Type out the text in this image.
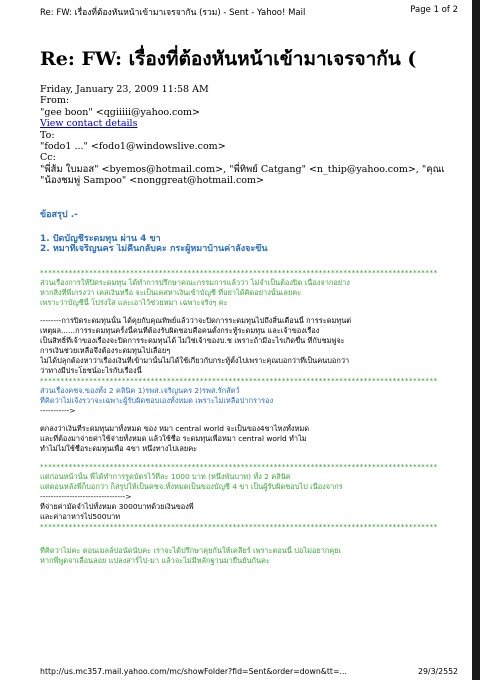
Re: FW: เรื่องที่ต้องหันหน้าเข้ามาเจรจากัน (รวม) - Sent - Yahoo! Mail	Page 1 of 2
Re: FW: เรื่องที่ต้องหันหน้าเข้ามาเจรจากัน (
Friday, January 23, 2009 11:58 AM
From:
"gee boon" <qgiiiii@yahoo.com>
View contact details
To:
"fodo1 ..." <fodo1@windowslive.com>
Cc:
"พี่ส้ม ใบมอส" <byemos@hotmail.com>, "พี่ทิพย์ Catgang" <n_thip@yahoo.com>, "คุณเ
"น้องชมพู่ Sampoo" <nonggreat@hotmail.com>
ข้อสรุป .-
1. ปัดบัญชีระดมทุน ผ่าน 4 ขา
2. หมาที่เจริญนคร ไม่คืนกลับคะ กระผู้หมาบ้านค่าลังจะขึ้น
*************************************************************************************************
ส่วนเรื่องการให้ปิดระดมทุน ได้ทำการปรึกษาคณะกรรมการแล้วว่า ไม่จำเป็นต้องปิด เนื่องจากอย่าง
หากสิ่งที่พี่เกรงว่า เคสเงินหรือ จะเป็นเคสหาเงินเข้าบัญชี ที่อย่าได้คิดอย่างนั้นเลยคะ
เพราะว่าบัญชีนี้ โปร่งใส และเอาไว้ช่วยหมา เฉพาะจริงๆ คะ
--------การปิดระดมทุนนั้น ได้คุยกับคุณทิพย์แล้วว่าจะปิดการระดมทุนไปถึงสิ้นเดือนนี้ การระดมทุนต่
เหตุผล......การระดมทุนครั้งนี้คนที่ต้องรับผิดชอบคือคนตั้งกระทู้ระดมทุน และเจ้าของเรื่อง
เป็นสิทธิ์ที่เจ้าของเรื่องจะปิดการระดมทุนได้ ไม่ใช่เจ้าของบ.ช เพราะถ้ามีอะไรเกิดขึ้น ที่กับชมพู่จะ
การเงินช่วยเหลือจึงต้องระดมทุนไปเลื่อยๆ
ไม่ได้ปลุกต้องหาว่าเรื่องเงินที่เข้ามานั้นไม่ได้ใช้เกี่ยวกับกระทู้ตั้งไปเพราะคุณบอกว่าที่เป็นคนบอกว่า
ว่าทางมีประโยชน์อะไรกับเรื่องนี้
*************************************************************************************************
ส่วนเรื่องคชจ.ของทั้ง 2 คลินิค 1)รพส.เจริญนคร 2)รพส.รักสัตว์
ที่คิดว่าไม่เจ้งรวาจะเฉพาะผู้รับผิดชอบเองทั้งหมด เพราะไม่เหลือปากรารอง
----------->
ตกลงว่าเงินที่ระดมทุนมาทั้งหมด ของ หมา central world จะเป็นของ4ขาไหงทั้งหมด
และที่ต้องมาจ่ายค่าใช้จ่ายทั้งหมด แล้วใช้ชื่อ ระดมทุนเพื่อหมา central world ทำไม
ทำไม่ไม่ใช้ชื่อระดมทุนเพื่อ 4ขา หนึ่งทางไปเลยคะ
*************************************************************************************************
แต่ก่อนหน้านั้น พี่ได้ทำการรูดบัตรไว้ที่ละ 1000 บาท (หนึ่งพันบาท) ทั้ง 2 คลินิค
แต่ตอนหลังพี่ก็บอกว่า ก็สรุปให้เป็นคชจ.ทั้งหมดเป็นของบัญชี 4 ขา เป็นผู้รับผิดชอบไป เนื่องจากร
-------------------------------->
ที่จ่ายค่ามัดจำไปทั้งหมด 3000บาทด้วยเงินของพี่
และค่าอาหารไป500บาท
*************************************************************************************************
ที่คิดว่าไม่คะ ตอนเมลล์ปอนัดนับคะ เราจะได้ปรึกษาคุยกันให้เคลียร์ เพราะตอนนี้ ปอไม่อยากคุยเ
หากพี่พูดจาเลื่อนลอย แปลงสาร์ไป-มา แล้วจะไม่มีหลักฐานมายืนยันกันคะ
http://us.mc357.mail.yahoo.com/mc/showFolder?fid=Sent&order=down&tt=...	29/3/2552
